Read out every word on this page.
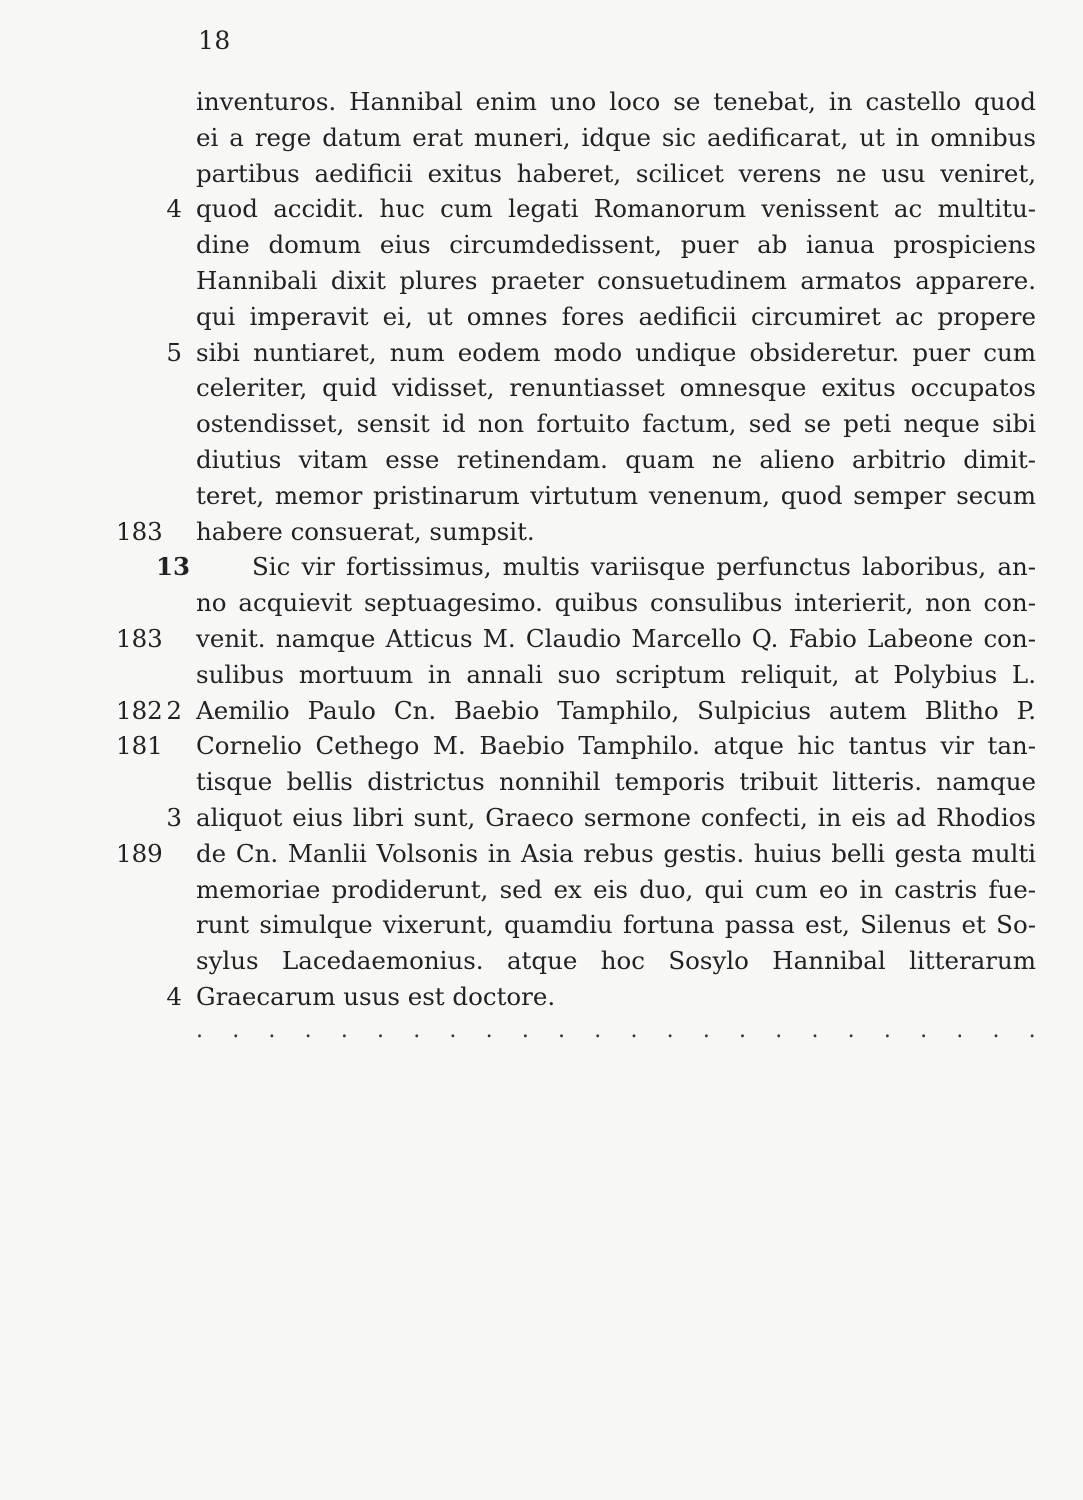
18
inventuros. Hannibal enim uno loco se tenebat, in castello quod
ei a rege datum erat muneri, idque sic aedificarat, ut in omnibus
partibus aedificii exitus haberet, scilicet verens ne usu veniret,
4 quod accidit. huc cum legati Romanorum venissent ac multitu-
dine domum eius circumdedissent, puer ab ianua prospiciens
Hannibali dixit plures praeter consuetudinem armatos apparere.
qui imperavit ei, ut omnes fores aedificii circumiret ac propere
5 sibi nuntiaret, num eodem modo undique obsideretur. puer cum
celeriter, quid vidisset, renuntiasset omnesque exitus occupatos
ostendisset, sensit id non fortuito factum, sed se peti neque sibi
diutius vitam esse retinendam. quam ne alieno arbitrio dimit-
teret, memor pristinarum virtutum venenum, quod semper secum
183 habere consuerat, sumpsit.
13	Sic vir fortissimus, multis variisque perfunctus laboribus, an-
no acquievit septuagesimo. quibus consulibus interierit, non con-
183 venit. namque Atticus M. Claudio Marcello Q. Fabio Labeone con-
sulibus mortuum in annali suo scriptum reliquit, at Polybius L.
182 2 Aemilio Paulo Cn. Baebio Tamphilo, Sulpicius autem Blitho P.
181 Cornelio Cethego M. Baebio Tamphilo. atque hic tantus vir tan-
tisque bellis districtus nonnihil temporis tribuit litteris. namque
3 aliquot eius libri sunt, Graeco sermone confecti, in eis ad Rhodios
189 de Cn. Manlii Volsonis in Asia rebus gestis. huius belli gesta multi
memoriae prodiderunt, sed ex eis duo, qui cum eo in castris fue-
runt simulque vixerunt, quamdiu fortuna passa est, Silenus et So-
sylus Lacedaemonius. atque hoc Sosylo Hannibal litterarum
4 Graecarum usus est doctore.
. . . . . . . . . . . . . . . . . . . . . . . .
